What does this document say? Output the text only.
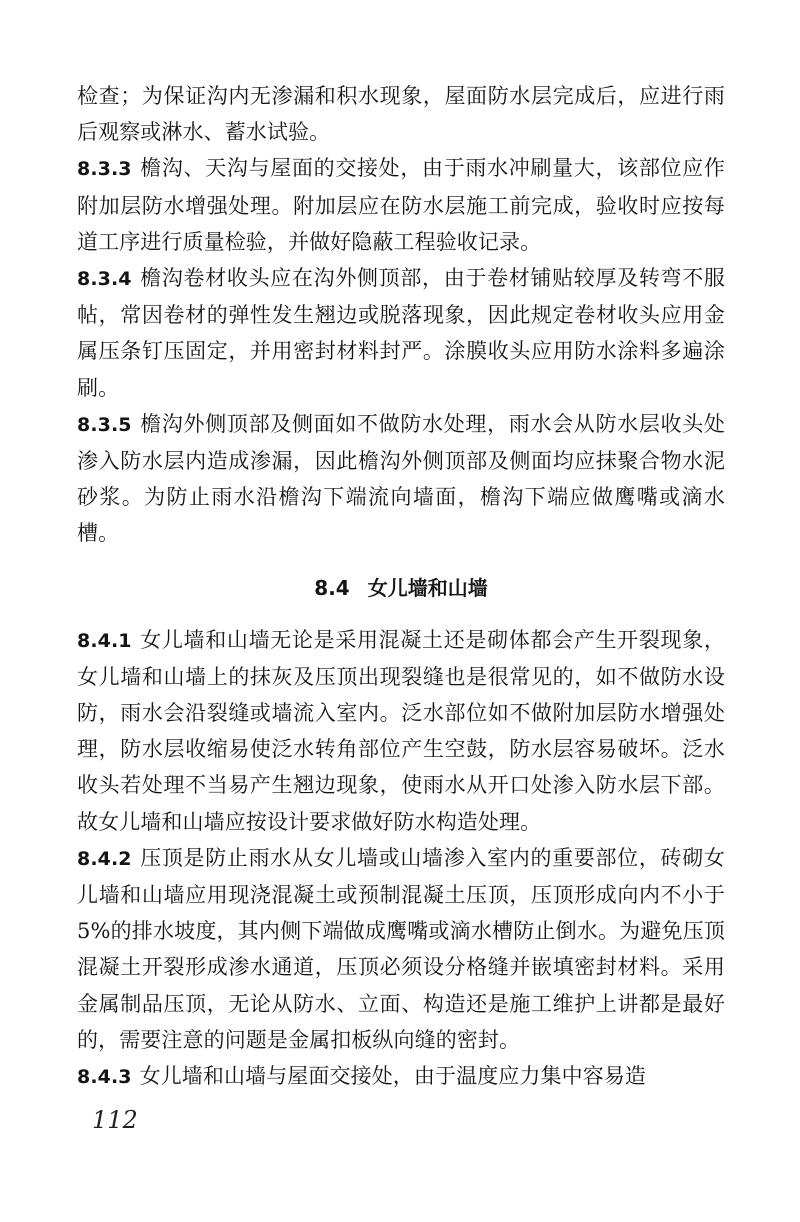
检查；为保证沟内无渗漏和积水现象，屋面防水层完成后，应进行雨后观察或淋水、蓄水试验。

8.3.3 檐沟、天沟与屋面的交接处，由于雨水冲刷量大，该部位应作附加层防水增强处理。附加层应在防水层施工前完成，验收时应按每道工序进行质量检验，并做好隐蔽工程验收记录。

8.3.4 檐沟卷材收头应在沟外侧顶部，由于卷材铺贴较厚及转弯不服帖，常因卷材的弹性发生翘边或脱落现象，因此规定卷材收头应用金属压条钉压固定，并用密封材料封严。涂膜收头应用防水涂料多遍涂刷。

8.3.5 檐沟外侧顶部及侧面如不做防水处理，雨水会从防水层收头处渗入防水层内造成渗漏，因此檐沟外侧顶部及侧面均应抹聚合物水泥砂浆。为防止雨水沿檐沟下端流向墙面，檐沟下端应做鹰嘴或滴水槽。

8.4 女儿墙和山墙

8.4.1 女儿墙和山墙无论是采用混凝土还是砌体都会产生开裂现象，女儿墙和山墙上的抹灰及压顶出现裂缝也是很常见的，如不做防水设防，雨水会沿裂缝或墙流入室内。泛水部位如不做附加层防水增强处理，防水层收缩易使泛水转角部位产生空鼓，防水层容易破坏。泛水收头若处理不当易产生翘边现象，使雨水从开口处渗入防水层下部。故女儿墙和山墙应按设计要求做好防水构造处理。

8.4.2 压顶是防止雨水从女儿墙或山墙渗入室内的重要部位，砖砌女儿墙和山墙应用现浇混凝土或预制混凝土压顶，压顶形成向内不小于5%的排水坡度，其内侧下端做成鹰嘴或滴水槽防止倒水。为避免压顶混凝土开裂形成渗水通道，压顶必须设分格缝并嵌填密封材料。采用金属制品压顶，无论从防水、立面、构造还是施工维护上讲都是最好的，需要注意的问题是金属扣板纵向缝的密封。

8.4.3 女儿墙和山墙与屋面交接处，由于温度应力集中容易造

112
